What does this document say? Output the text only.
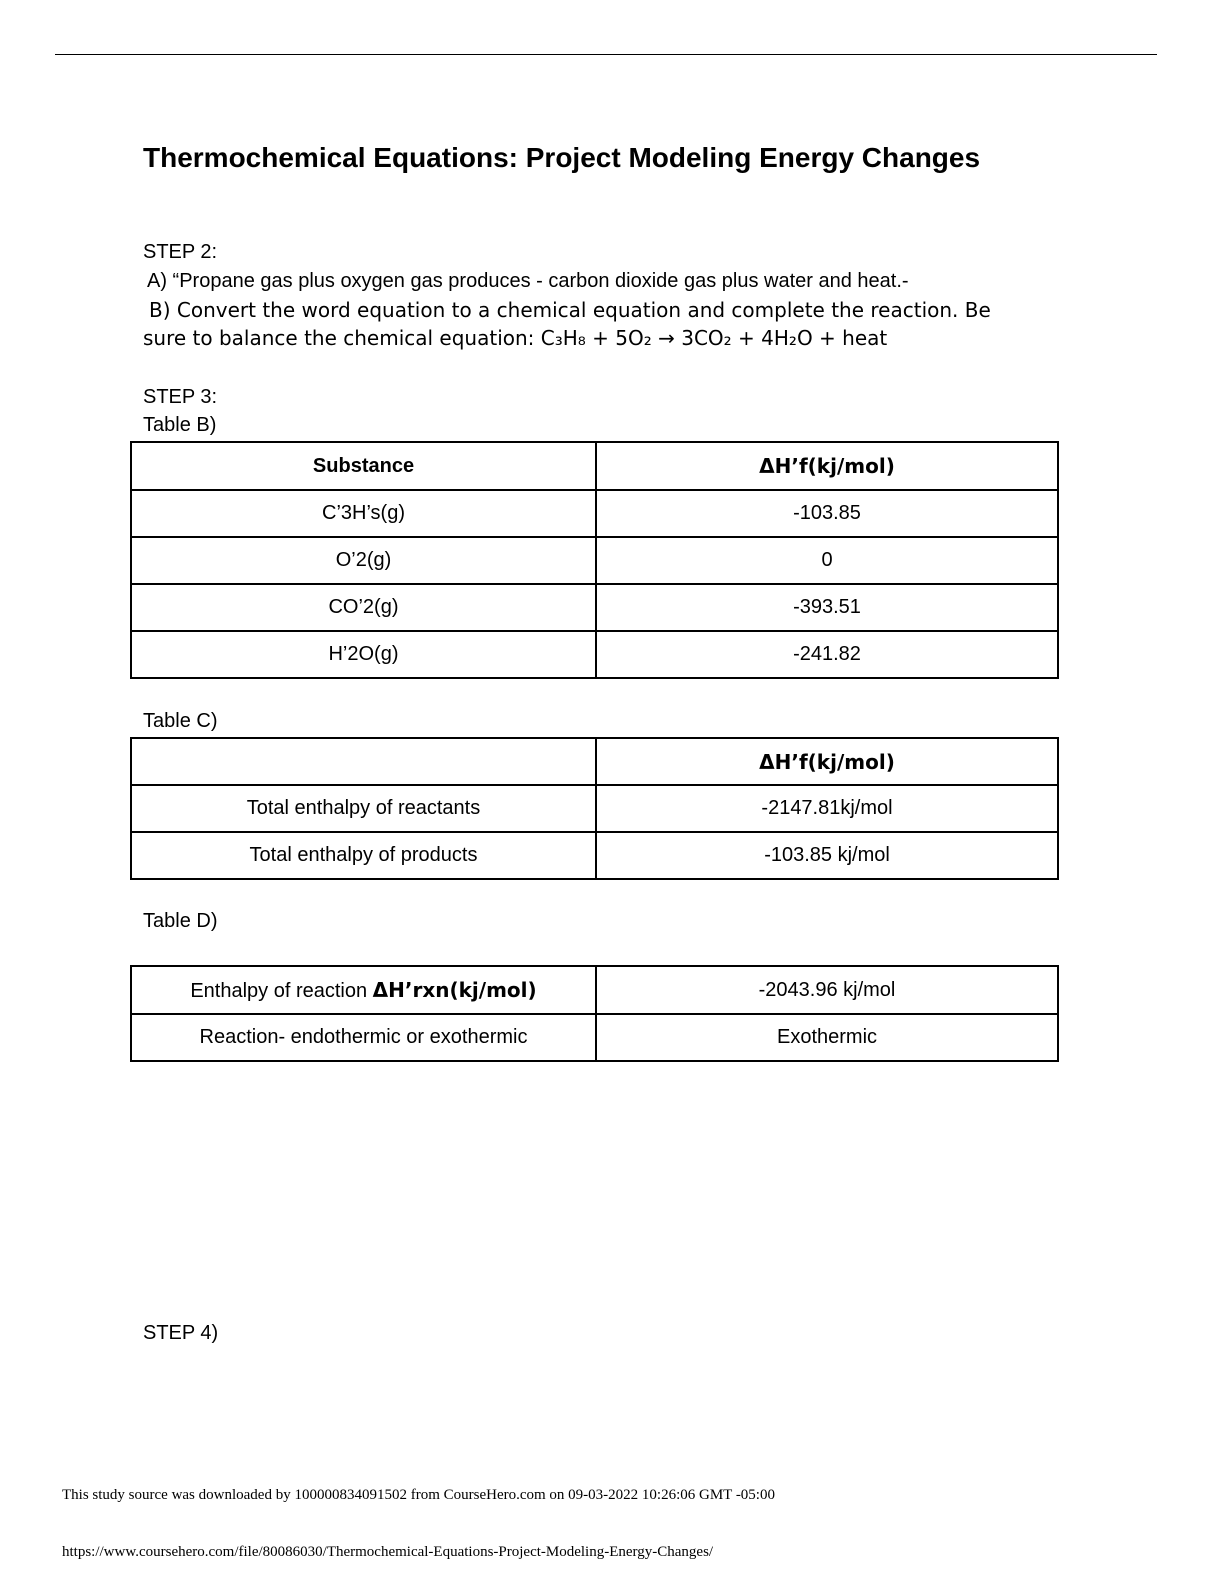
Thermochemical Equations: Project Modeling Energy Changes
STEP 2:
A) “Propane gas plus oxygen gas produces - carbon dioxide gas plus water and heat.-
B) Convert the word equation to a chemical equation and complete the reaction. Be
sure to balance the chemical equation: C₃H₈ + 5O₂ → 3CO₂ + 4H₂O + heat
STEP 3:
Table B)
Substance	ΔH’f(kj/mol)
C’3H’s(g)	-103.85
O’2(g)	0
CO’2(g)	-393.51
H’2O(g)	-241.82
Table C)
	ΔH’f(kj/mol)
Total enthalpy of reactants	-2147.81kj/mol
Total enthalpy of products	-103.85 kj/mol
Table D)
Enthalpy of reaction ΔH’rxn(kj/mol)	-2043.96 kj/mol
Reaction- endothermic or exothermic	Exothermic
STEP 4)
This study source was downloaded by 100000834091502 from CourseHero.com on 09-03-2022 10:26:06 GMT -05:00
https://www.coursehero.com/file/80086030/Thermochemical-Equations-Project-Modeling-Energy-Changes/
